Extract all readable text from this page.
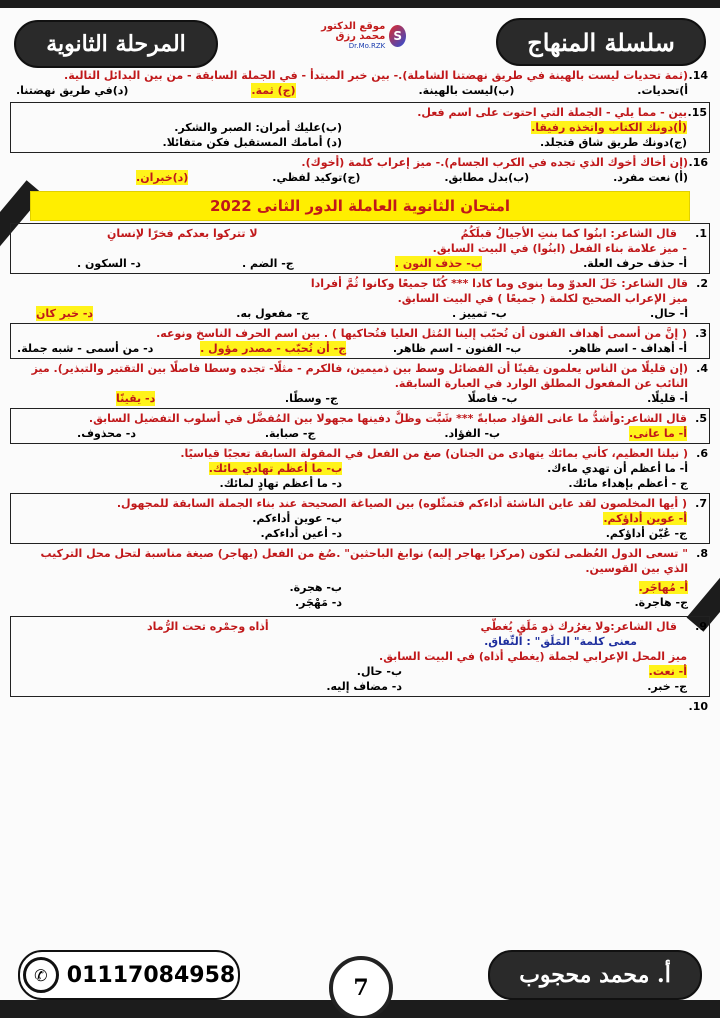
سلسلة المنهاج
المرحلة الثانوية
موقع الدكتور محمد رزق
Dr.Mo.RZK
S
14.
(ثمة تحديات ليست بالهينة في طريق نهضتنا الشاملة).- بين خبر المبتدأ - في الجملة السابقة - من بين البدائل التالية.
أ)تحديات.
(ب)ليست بالهينة.
(ج) ثمة.
(د)في طريق نهضتنا.
15.
بين - مما يلي - الجملة التي احتوت على اسم فعل.
(أ)دونك الكتاب واتخذه رفيقا.
(ب)عليك أمران: الصبر والشكر.
(ج)دونك طريق شاق فتجلد.
(د) أمامك المستقبل فكن متفائلا.
16.
(إن أخاك أخوك الذي تجده في الكرب الجسام).- ميز إعراب كلمة (أخوك).
(أ) نعت مفرد.
(ب)بدل مطابق.
(ج)توكيد لفظي.
(د)خبران.
امتحان الثانوية العاملة الدور الثانى 2022
1.
قال الشاعر: ابنُوا كما بنتِ الأجيالُ قبلَكُمُ
لا تتركوا بعدكم فخرًا لإنسانِ
- ميز علامة بناء الفعل (ابنُوا) في البيت السابق.
أ- حذف حرف العلة.
ب- حذف النون .
ج- الضم .
د- السكون .
2.
قال الشاعر: خَلَ العدوّ وما بنوى وما كادا *** كُنّا جميعًا وكانوا ثُمَّ أفرادا
ميز الإعراب الصحيح لكلمة ( جميعًا ) في البيت السابق.
أ- حال.
ب- تمييز .
ج- مفعول به.
د- خبر كان
3.
( إنَّ من أسمى أهداف الفنون أن تُحبّب إلينا المُثل العليا فتُحاكيها ) . بين اسم الحرف الناسخ ونوعه.
أ- أهداف - اسم ظاهر.
ب- الفنون - اسم ظاهر.
ج- أن تُحبّب - مصدر مؤول .
د- من أسمى - شبه جملة.
4.
(إن قليلًا من الناس يعلمون يقينًا أن الفضائل وسط بين ذميمين، فالكرم - مثلًا- تجده وسطا فاصلًا بين التقتير والتبذير). ميز النائب عن المفعول المطلق الوارد في العبارة السابقة.
أ- قليلًا.
ب- فاصلًا
ج- وسطًا.
د- يقينًا
5.
قال الشاعر:وأشدُّ ما عانى الفؤاد صبابةً *** شَبَّت وظلَّ دفينها مجهولا بين المُفضَّل في أسلوب التفضيل السابق.
أ- ما عانى.
ب- الفؤاد.
ج- صبابة.
د- محذوف.
6.
( نيلنا العظيم، كأني بمائك يتهادى من الجنان) صغ من الفعل في المقولة السابقة تعجبًا قياسيًا.
أ- ما أعظم أن تهدي ماءك.
ب- ما أعظم تهادي مائك.
ج - أعظم بإهداء مائك.
د- ما أعظم تهادٍ لمائك.
7.
( أيها المخلصون لقد عاين الناشئة أداءكم فتمثّلوه) بين الصياغة الصحيحة عند بناء الجملة السابقة للمجهول.
أ- عوين أداؤكم.
ب- عوين أداءكم.
ج- عُيّن أداؤكم.
د- أعين أداءكم.
8.
" تسعى الدول العُظمى لتكون (مركزا يهاجر إليه) نوابغ الباحثين" .صُغ من الفعل (يهاجر) صيغة مناسبة لتحل محل التركيب الذي بين القوسين.
أ- مُهاجَر.
ب- هجرة.
ج- هاجرة.
د- مَهْجَر.
9.
قال الشاعر:ولا يغرُرك ذو مَلَقٍ يُغطّي
أذاه وجمْره تحت الرُّماد
معنى كلمة" المَلَق" : النِّفاق.
ميز المحل الإعرابي لجملة (يغطي أذاه) في البيت السابق.
أ- نعت.
ب- حال.
ج- خبر.
د- مضاف إليه.
10.
✆ 01117084958	أ. محمد محجوب
7
